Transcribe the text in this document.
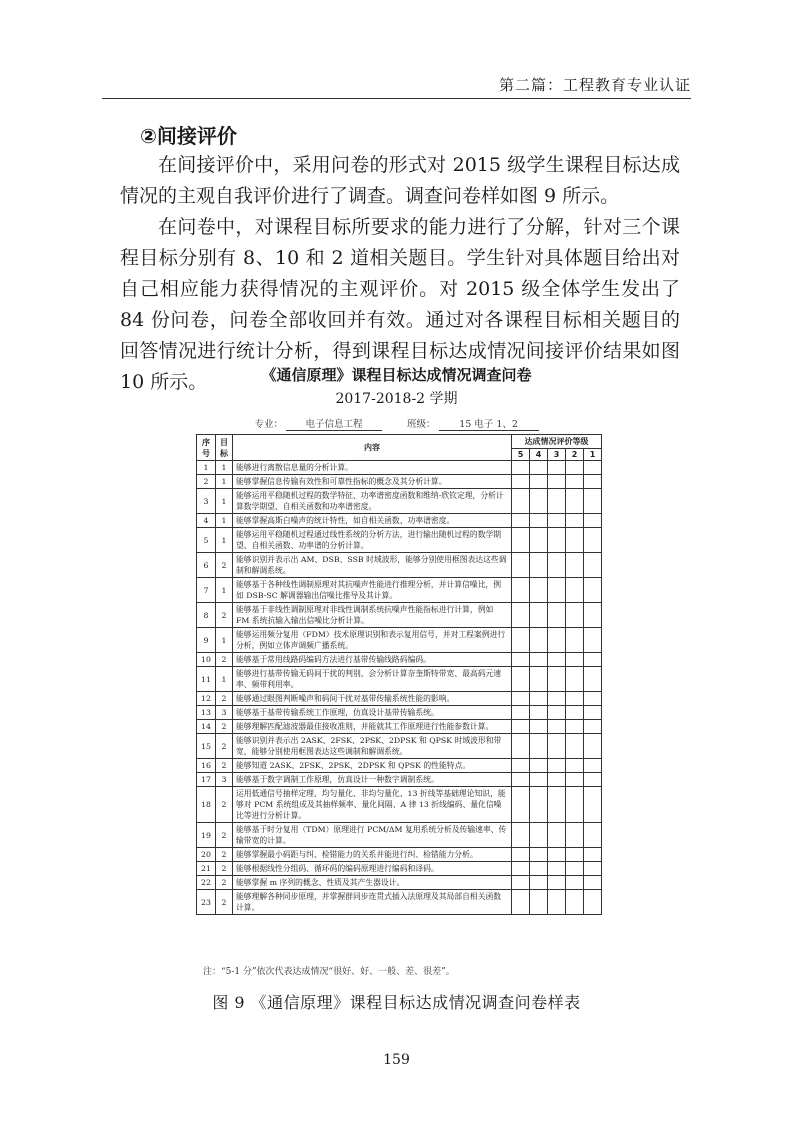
第二篇：工程教育专业认证
②间接评价

在间接评价中，采用问卷的形式对 2015 级学生课程目标达成情况的主观自我评价进行了调查。调查问卷样如图 9 所示。

在问卷中，对课程目标所要求的能力进行了分解，针对三个课程目标分别有 8、10 和 2 道相关题目。学生针对具体题目给出对自己相应能力获得情况的主观评价。对 2015 级全体学生发出了 84 份问卷，问卷全部收回并有效。通过对各课程目标相关题目的回答情况进行统计分析，得到课程目标达成情况间接评价结果如图 10 所示。	《通信原理》课程目标达成情况调查问卷
2017-2018-2 学期
专业： 电子信息工程	班级： 15 电子 1、2
序号	目标	内容	达成情况评价等级				
			5	4	3	2	1
1	1	能够进行离散信息量的分析计算。					
2	1	能够掌握信息传输有效性和可靠性指标的概念及其分析计算。					
3	1	能够运用平稳随机过程的数学特征、功率谱密度函数和维纳-欣钦定理，分析计算数学期望、自相关函数和功率谱密度。					
4	1	能够掌握高斯白噪声的统计特性，如自相关函数、功率谱密度。					
5	1	能够运用平稳随机过程通过线性系统的分析方法，进行输出随机过程的数学期望、自相关函数、功率谱的分析计算。					
6	2	能够识别并表示出 AM、DSB、SSB 时域波形，能够分别使用框图表达这些调制和解调系统。					
7	1	能够基于各种线性调制原理对其抗噪声性能进行推理分析，并计算信噪比，例如 DSB-SC 解调器输出信噪比推导及其计算。					
8	2	能够基于非线性调制原理对非线性调制系统抗噪声性能指标进行计算，例如 FM 系统抗输入输出信噪比分析计算。					
9	1	能够运用频分复用（FDM）技术原理识别和表示复用信号，并对工程案例进行分析，例如立体声调频广播系统。					
10	2	能够基于常用线路码编码方法进行基带传输线路码编码。					
11	1	能够进行基带传输无码间干扰的判别，会分析计算奈奎斯特带宽、最高码元速率、频带利用率。					
12	2	能够通过眼图判断噪声和码间干扰对基带传输系统性能的影响。					
13	3	能够基于基带传输系统工作原理，仿真设计基带传输系统。					
14	2	能够理解匹配滤波器最佳接收准则，并能就其工作原理进行性能参数计算。					
15	2	能够识别并表示出 2ASK、2FSK、2PSK、2DPSK 和 QPSK 时域波形和带宽，能够分别使用框图表达这些调制和解调系统。					
16	2	能够知道 2ASK、2FSK、2PSK、2DPSK 和 QPSK 的性能特点。					
17	3	能够基于数字调制工作原理，仿真设计一种数字调制系统。					
18	2	运用低通信号抽样定理、均匀量化、非均匀量化、13 折线等基础理论知识，能够对 PCM 系统组成及其抽样频率、量化间隔、A 律 13 折线编码、量化信噪比等进行分析计算。					
19	2	能够基于时分复用（TDM）原理进行 PCM/ΔM 复用系统分析及传输速率、传输带宽的计算。					
20	2	能够掌握最小码距与纠、检错能力的关系并能进行纠、检错能力分析。					
21	2	能够根据线性分组码、循环码的编码原理进行编码和译码。					
22	2	能够掌握 m 序列的概念、性质及其产生器设计。					
23	2	能够理解各种同步原理，并掌握群同步连贯式插入法原理及其局部自相关函数计算。					
注：“5-1 分”依次代表达成情况“很好、好、一般、差、很差”。
图 9 《通信原理》课程目标达成情况调查问卷样表
159
